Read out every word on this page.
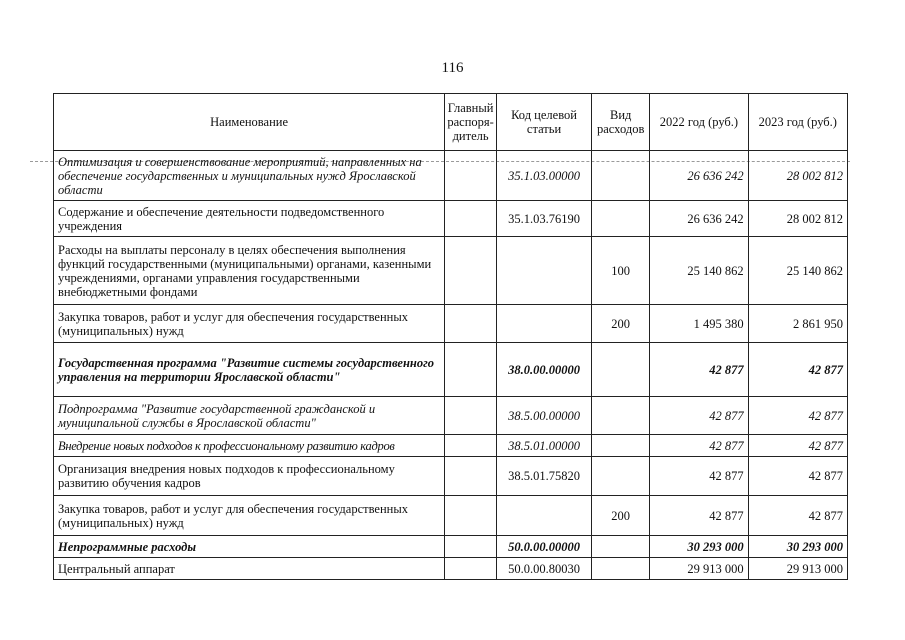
116
Наименование	Главный распоря-дитель	Код целевой статьи	Вид расходов	2022 год (руб.)	2023 год (руб.)
Оптимизация и совершенствование мероприятий, направленных на обеспечение государственных и муниципальных нужд Ярославской области		35.1.03.00000		26 636 242	28 002 812
Содержание и обеспечение деятельности подведомственного учреждения		35.1.03.76190		26 636 242	28 002 812
Расходы на выплаты персоналу в целях обеспечения выполнения функций государственными (муниципальными) органами, казенными учреждениями, органами управления государственными внебюджетными фондами			100	25 140 862	25 140 862
Закупка товаров, работ и услуг для обеспечения государственных (муниципальных) нужд			200	1 495 380	2 861 950
Государственная программа "Развитие системы государственного управления на территории Ярославской области"		38.0.00.00000		42 877	42 877
Подпрограмма "Развитие государственной гражданской и муниципальной службы в Ярославской области"		38.5.00.00000		42 877	42 877
Внедрение новых подходов к профессиональному развитию кадров		38.5.01.00000		42 877	42 877
Организация внедрения новых подходов к профессиональному развитию обучения кадров		38.5.01.75820		42 877	42 877
Закупка товаров, работ и услуг для обеспечения государственных (муниципальных) нужд			200	42 877	42 877
Непрограммные расходы		50.0.00.00000		30 293 000	30 293 000
Центральный аппарат		50.0.00.80030		29 913 000	29 913 000
